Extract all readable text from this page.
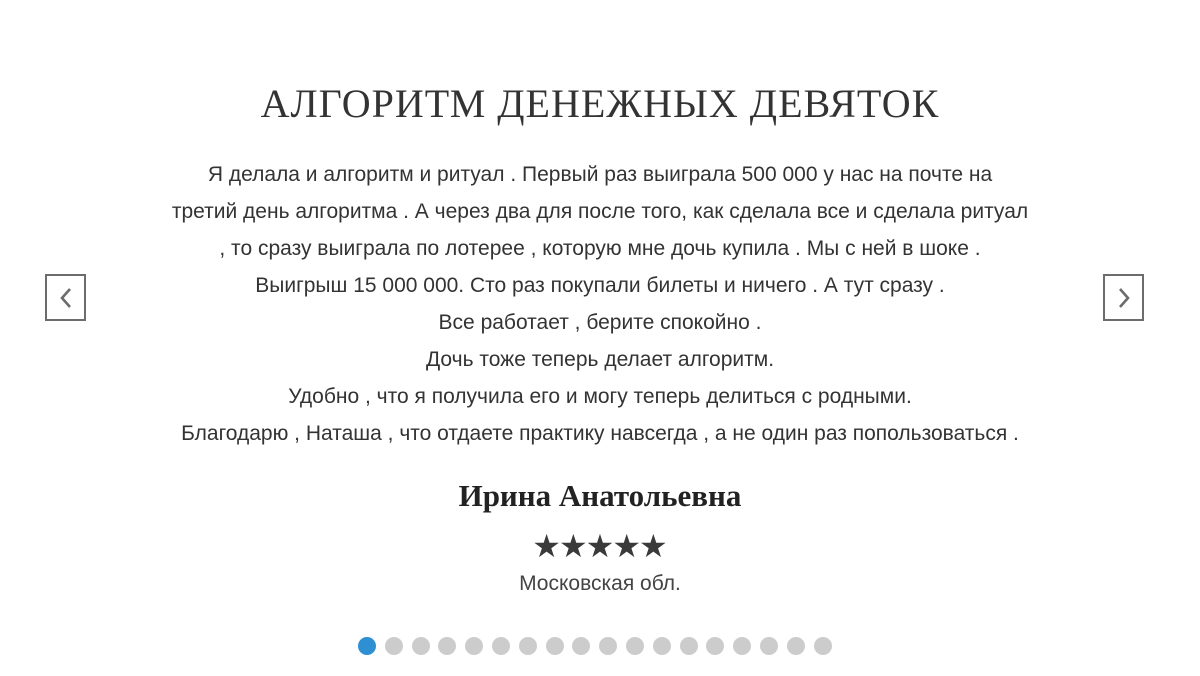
АЛГОРИТМ ДЕНЕЖНЫХ ДЕВЯТОК
Я делала и алгоритм и ритуал . Первый раз выиграла 500 000 у нас на почте на
третий день алгоритма . А через два для после того, как сделала все и сделала ритуал
, то сразу выиграла по лотерее , которую мне дочь купила . Мы с ней в шоке .
Выигрыш 15 000 000. Сто раз покупали билеты и ничего . А тут сразу .
Все работает , берите спокойно .
Дочь тоже теперь делает алгоритм.
Удобно , что я получила его и могу теперь делиться с родными.
Благодарю , Наташа , что отдаете практику навсегда , а не один раз попользоваться .
Ирина Анатольевна
★★★★★
Московская обл.
